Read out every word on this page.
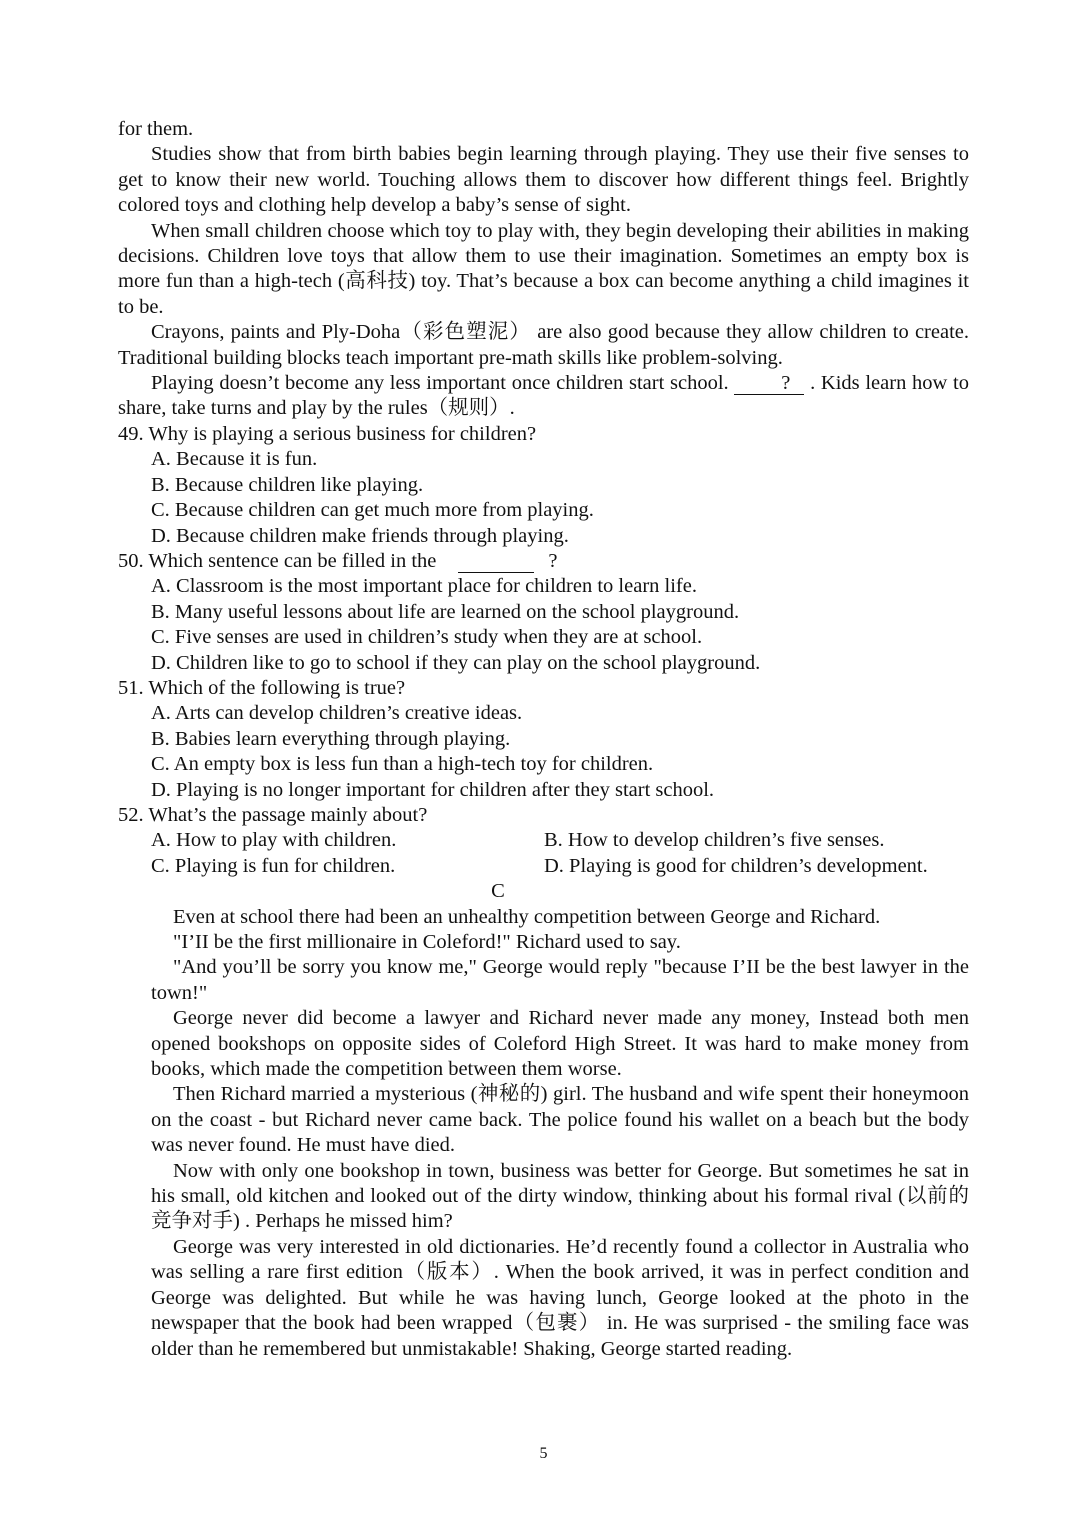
for them.

Studies show that from birth babies begin learning through playing. They use their five senses to get to know their new world. Touching allows them to discover how different things feel. Brightly colored toys and clothing help develop a baby’s sense of sight.

When small children choose which toy to play with, they begin developing their abilities in making decisions. Children love toys that allow them to use their imagination. Sometimes an empty box is more fun than a high-tech (高科技) toy. That’s because a box can become anything a child imagines it to be.

Crayons, paints and Ply-Doha（彩色塑泥） are also good because they allow children to create. Traditional building blocks teach important pre-math skills like problem-solving.

Playing doesn’t become any less important once children start school. ? . Kids learn how to share, take turns and play by the rules（规则）.

49. Why is playing a serious business for children?

A. Because it is fun.

B. Because children like playing.

C. Because children can get much more from playing.

D. Because children make friends through playing.

50. Which sentence can be filled in the	?

A. Classroom is the most important place for children to learn life.

B. Many useful lessons about life are learned on the school playground.

C. Five senses are used in children’s study when they are at school.

D. Children like to go to school if they can play on the school playground.

51. Which of the following is true?

A. Arts can develop children’s creative ideas.

B. Babies learn everything through playing.

C. An empty box is less fun than a high-tech toy for children.

D. Playing is no longer important for children after they start school.

52. What’s the passage mainly about?

A. How to play with children.	B. How to develop children’s five senses.
C. Playing is fun for children.	D. Playing is good for children’s development.

C

Even at school there had been an unhealthy competition between George and Richard.

"I’II be the first millionaire in Coleford!" Richard used to say.

"And you’ll be sorry you know me," George would reply "because I’II be the best lawyer in the town!"

George never did become a lawyer and Richard never made any money, Instead both men opened bookshops on opposite sides of Coleford High Street. It was hard to make money from books, which made the competition between them worse.

Then Richard married a mysterious (神秘的) girl. The husband and wife spent their honeymoon on the coast - but Richard never came back. The police found his wallet on a beach but the body was never found. He must have died.

Now with only one bookshop in town, business was better for George. But sometimes he sat in his small, old kitchen and looked out of the dirty window, thinking about his formal rival (以前的竞争对手) . Perhaps he missed him?

George was very interested in old dictionaries. He’d recently found a collector in Australia who was selling a rare first edition（版本）. When the book arrived, it was in perfect condition and George was delighted. But while he was having lunch, George looked at the photo in the newspaper that the book had been wrapped（包裹） in. He was surprised - the smiling face was older than he remembered but unmistakable! Shaking, George started reading.

5
